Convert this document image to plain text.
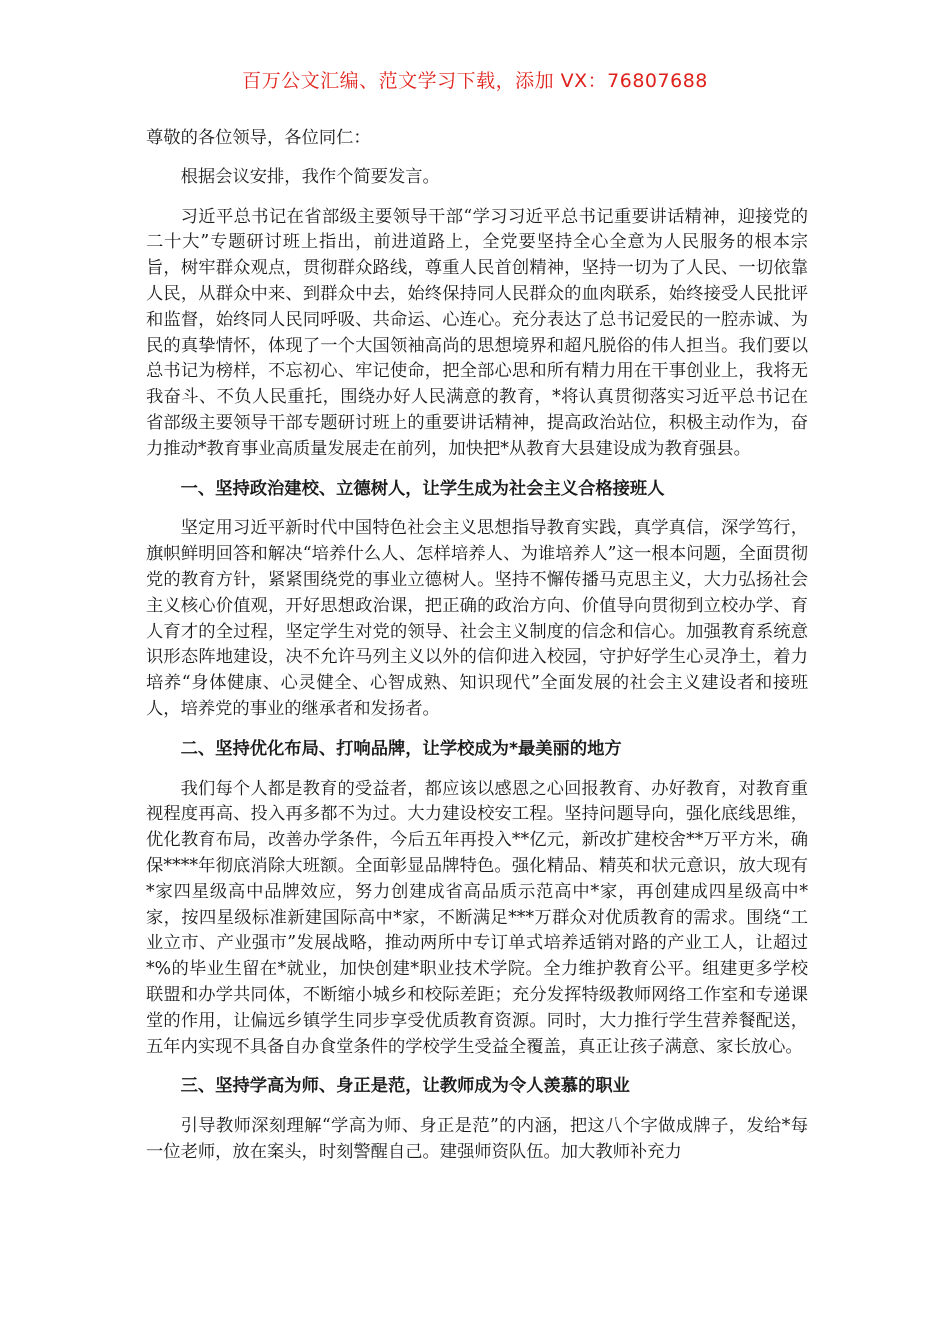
百万公文汇编、范文学习下载，添加 VX：76807688

尊敬的各位领导，各位同仁：

根据会议安排，我作个简要发言。

习近平总书记在省部级主要领导干部“学习习近平总书记重要讲话精神，迎接党的二十大”专题研讨班上指出，前进道路上，全党要坚持全心全意为人民服务的根本宗旨，树牢群众观点，贯彻群众路线，尊重人民首创精神，坚持一切为了人民、一切依靠人民，从群众中来、到群众中去，始终保持同人民群众的血肉联系，始终接受人民批评和监督，始终同人民同呼吸、共命运、心连心。充分表达了总书记爱民的一腔赤诚、为民的真挚情怀，体现了一个大国领袖高尚的思想境界和超凡脱俗的伟人担当。我们要以总书记为榜样，不忘初心、牢记使命，把全部心思和所有精力用在干事创业上，我将无我奋斗、不负人民重托，围绕办好人民满意的教育，*将认真贯彻落实习近平总书记在省部级主要领导干部专题研讨班上的重要讲话精神，提高政治站位，积极主动作为，奋力推动*教育事业高质量发展走在前列，加快把*从教育大县建设成为教育强县。

一、坚持政治建校、立德树人，让学生成为社会主义合格接班人

坚定用习近平新时代中国特色社会主义思想指导教育实践，真学真信，深学笃行，旗帜鲜明回答和解决“培养什么人、怎样培养人、为谁培养人”这一根本问题，全面贯彻党的教育方针，紧紧围绕党的事业立德树人。坚持不懈传播马克思主义，大力弘扬社会主义核心价值观，开好思想政治课，把正确的政治方向、价值导向贯彻到立校办学、育人育才的全过程，坚定学生对党的领导、社会主义制度的信念和信心。加强教育系统意识形态阵地建设，决不允许马列主义以外的信仰进入校园，守护好学生心灵净土，着力培养“身体健康、心灵健全、心智成熟、知识现代”全面发展的社会主义建设者和接班人，培养党的事业的继承者和发扬者。

二、坚持优化布局、打响品牌，让学校成为*最美丽的地方

我们每个人都是教育的受益者，都应该以感恩之心回报教育、办好教育，对教育重视程度再高、投入再多都不为过。大力建设校安工程。坚持问题导向，强化底线思维，优化教育布局，改善办学条件，今后五年再投入**亿元，新改扩建校舍**万平方米，确保****年彻底消除大班额。全面彰显品牌特色。强化精品、精英和状元意识，放大现有*家四星级高中品牌效应，努力创建成省高品质示范高中*家，再创建成四星级高中*家，按四星级标准新建国际高中*家，不断满足***万群众对优质教育的需求。围绕“工业立市、产业强市”发展战略，推动两所中专订单式培养适销对路的产业工人，让超过*%的毕业生留在*就业，加快创建*职业技术学院。全力维护教育公平。组建更多学校联盟和办学共同体，不断缩小城乡和校际差距；充分发挥特级教师网络工作室和专递课堂的作用，让偏远乡镇学生同步享受优质教育资源。同时，大力推行学生营养餐配送，五年内实现不具备自办食堂条件的学校学生受益全覆盖，真正让孩子满意、家长放心。

三、坚持学高为师、身正是范，让教师成为令人羡慕的职业

引导教师深刻理解“学高为师、身正是范”的内涵，把这八个字做成牌子，发给*每一位老师，放在案头，时刻警醒自己。建强师资队伍。加大教师补充力
